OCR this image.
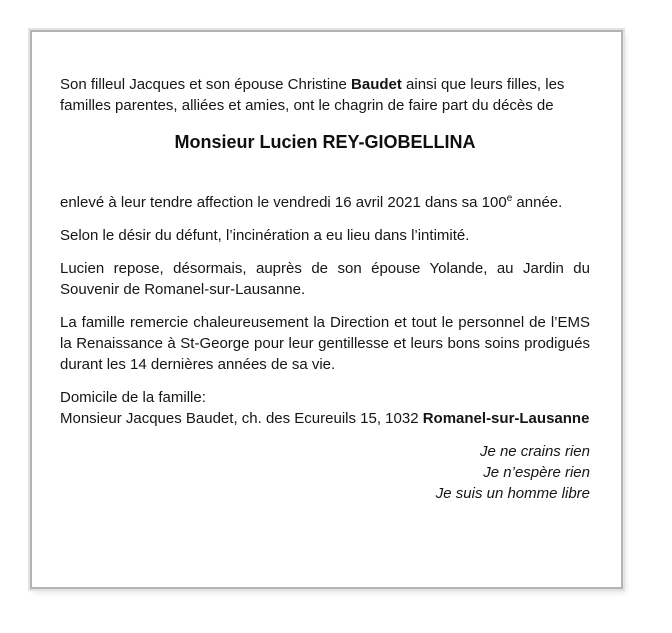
Son filleul Jacques et son épouse Christine Baudet ainsi que leurs filles, les familles parentes, alliées et amies, ont le chagrin de faire part du décès de

Monsieur Lucien REY-GIOBELLINA

enlevé à leur tendre affection le vendredi 16 avril 2021 dans sa 100e année.

Selon le désir du défunt, l’incinération a eu lieu dans l’intimité.

Lucien repose, désormais, auprès de son épouse Yolande, au Jardin du Souvenir de Romanel-sur-Lausanne.

La famille remercie chaleureusement la Direction et tout le personnel de l’EMS la Renaissance à St-George pour leur gentillesse et leurs bons soins prodigués durant les 14 dernières années de sa vie.

Domicile de la famille:
Monsieur Jacques Baudet, ch. des Ecureuils 15, 1032 Romanel-sur-Lausanne

Je ne crains rien
Je n’espère rien
Je suis un homme libre
